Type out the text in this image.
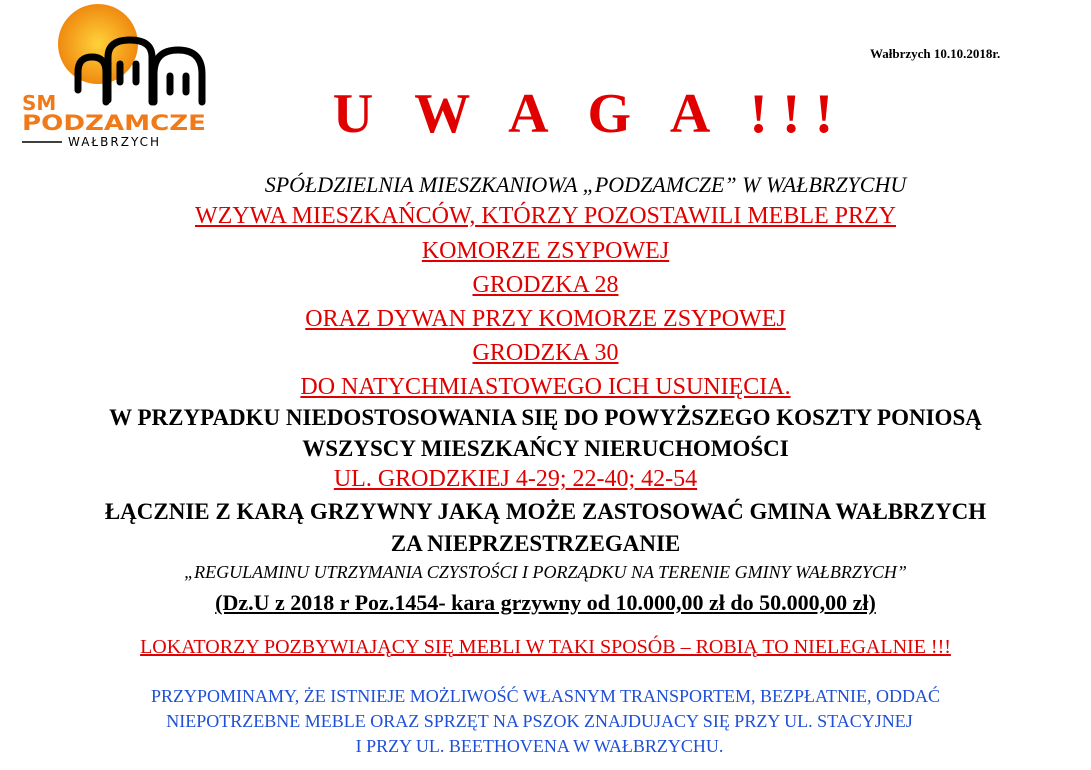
SM
PODZAMCZE
WAŁBRZYCH
Wałbrzych 10.10.2018r.
U W A G A !!!
SPÓŁDZIELNIA MIESZKANIOWA „PODZAMCZE” W WAŁBRZYCHU
WZYWA MIESZKAŃCÓW, KTÓRZY POZOSTAWILI MEBLE PRZY
KOMORZE ZSYPOWEJ
GRODZKA 28
ORAZ DYWAN PRZY KOMORZE ZSYPOWEJ
GRODZKA 30
DO NATYCHMIASTOWEGO ICH USUNIĘCIA.
W PRZYPADKU NIEDOSTOSOWANIA SIĘ DO POWYŻSZEGO KOSZTY PONIOSĄ
WSZYSCY MIESZKAŃCY NIERUCHOMOŚCI
UL. GRODZKIEJ 4-29; 22-40; 42-54
ŁĄCZNIE Z KARĄ GRZYWNY JAKĄ MOŻE ZASTOSOWAĆ GMINA WAŁBRZYCH
ZA NIEPRZESTRZEGANIE
„REGULAMINU UTRZYMANIA CZYSTOŚCI I PORZĄDKU NA TERENIE GMINY WAŁBRZYCH”
(Dz.U z 2018 r Poz.1454- kara grzywny od 10.000,00 zł do 50.000,00 zł)
LOKATORZY POZBYWIAJĄCY SIĘ MEBLI W TAKI SPOSÓB – ROBIĄ TO NIELEGALNIE !!!
PRZYPOMINAMY, ŻE ISTNIEJE MOŻLIWOŚĆ WŁASNYM TRANSPORTEM, BEZPŁATNIE, ODDAĆ
NIEPOTRZEBNE MEBLE ORAZ SPRZĘT NA PSZOK ZNAJDUJACY SIĘ PRZY UL. STACYJNEJ
I PRZY UL. BEETHOVENA W WAŁBRZYCHU.
